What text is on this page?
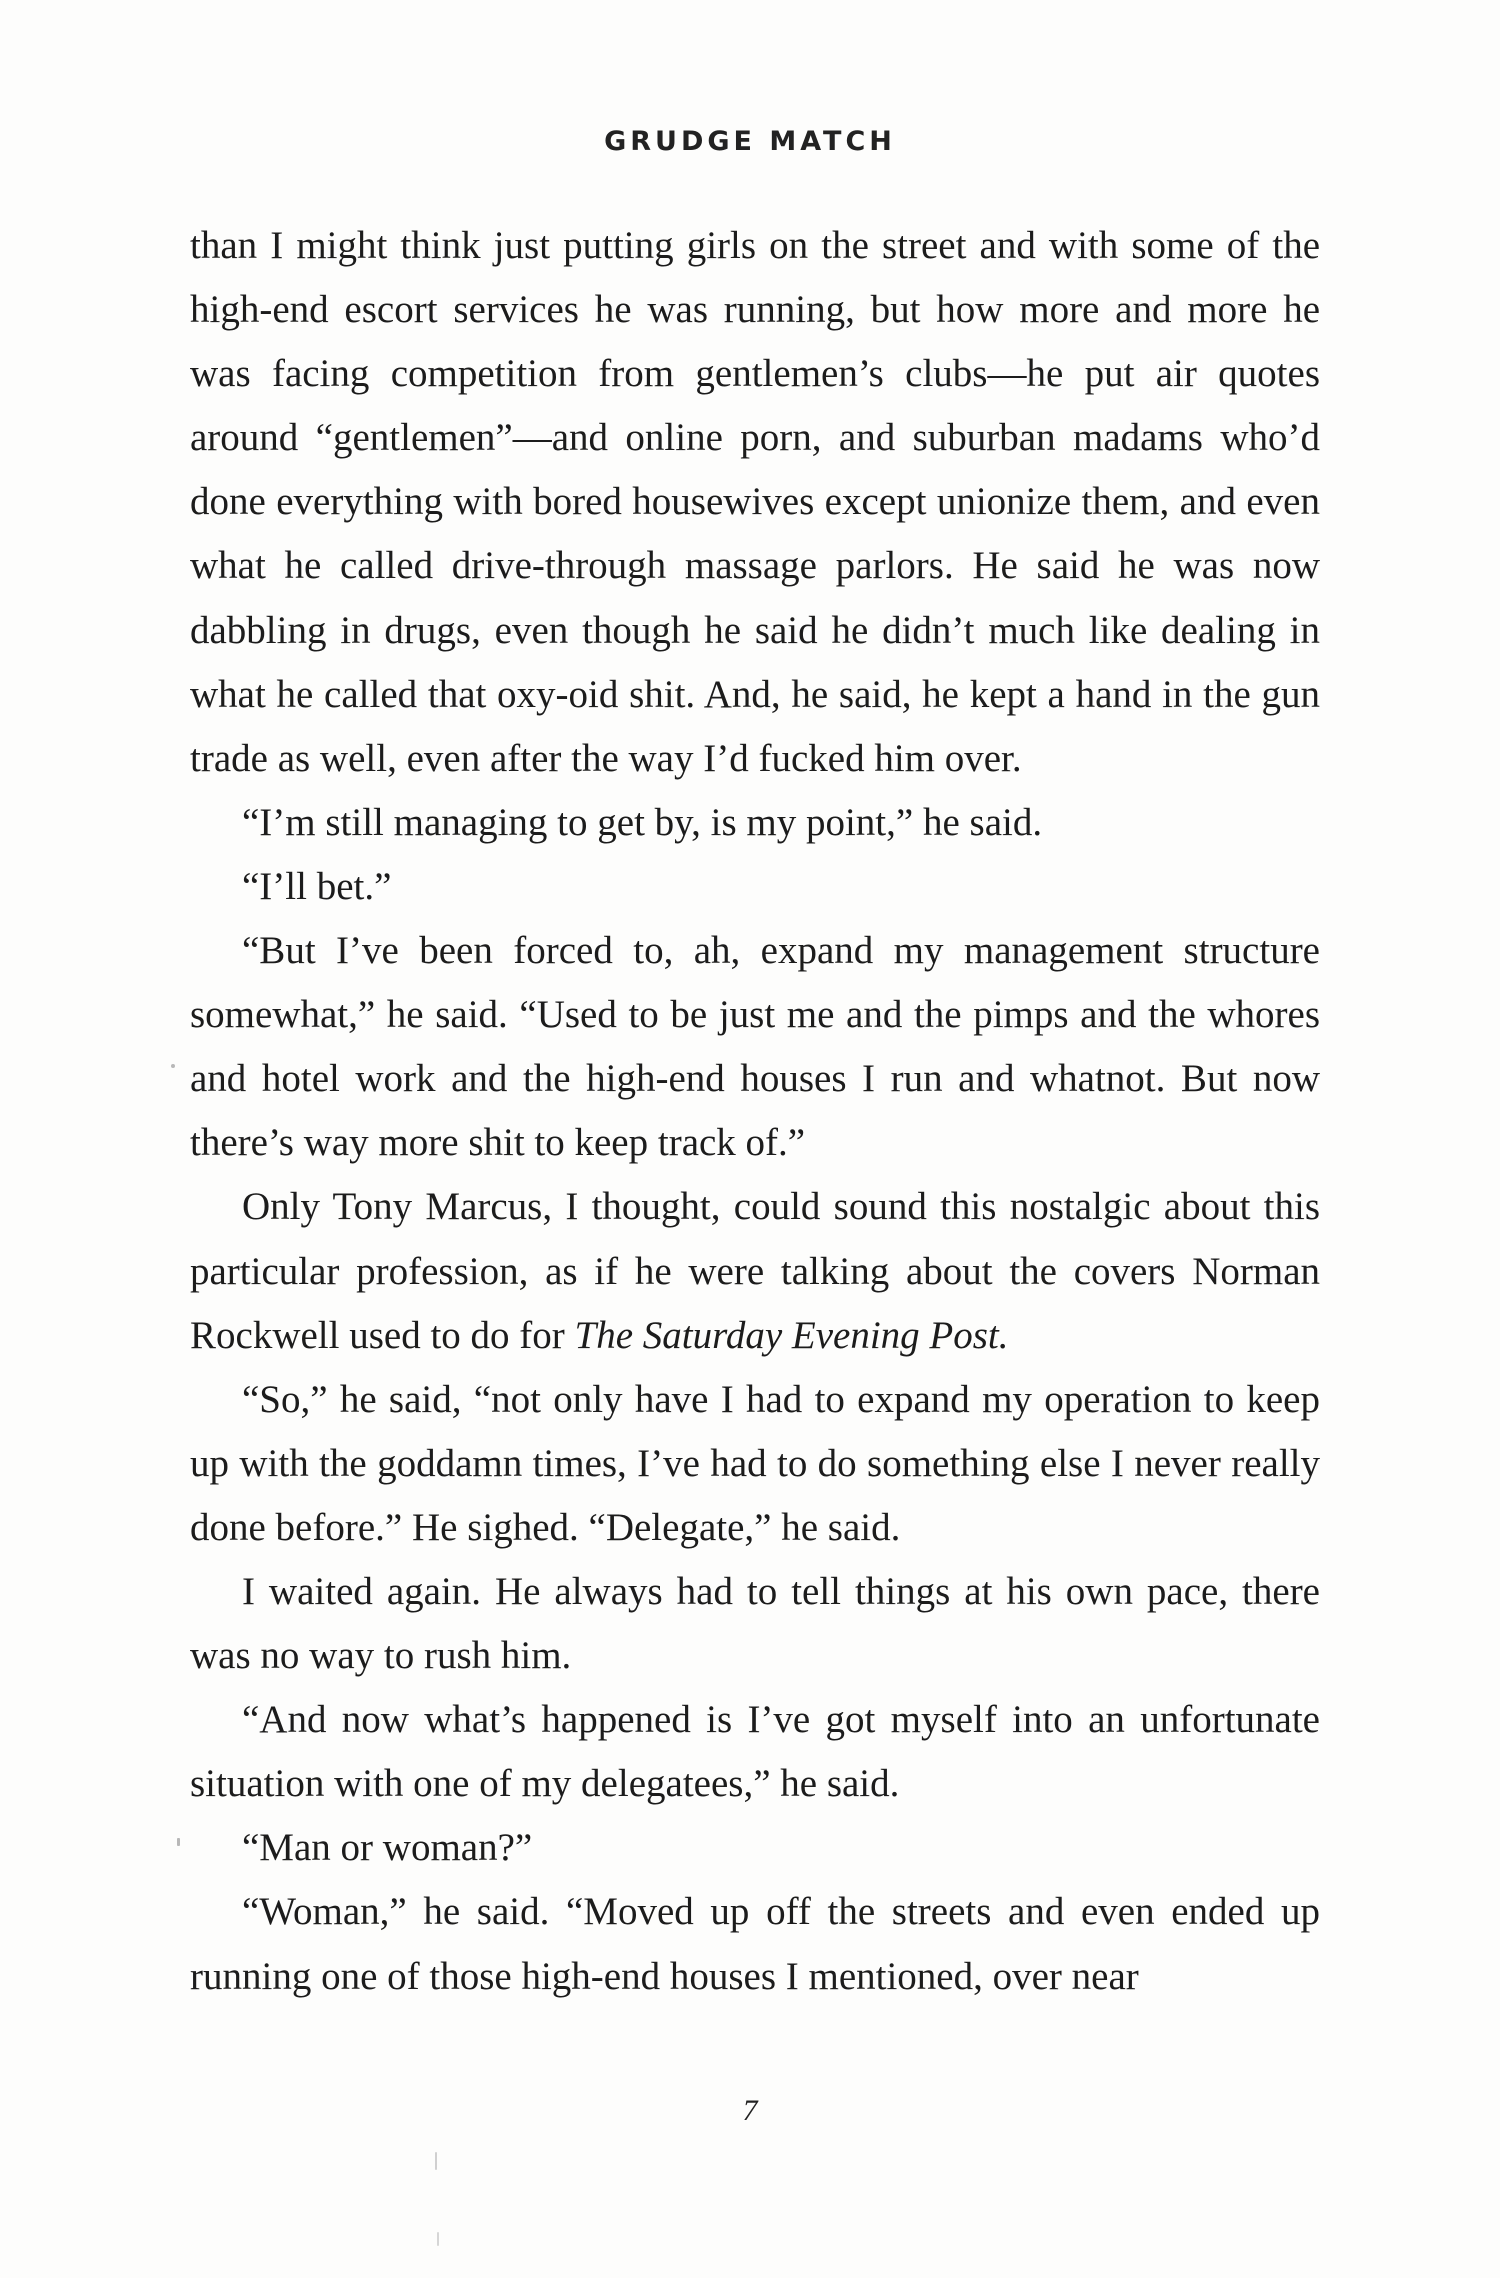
GRUDGE MATCH

than I might think just putting girls on the street and with some of the high-end escort services he was running, but how more and more he was facing competition from gentlemen’s clubs—he put air quotes around “gentlemen”—and online porn, and suburban madams who’d done everything with bored housewives except unionize them, and even what he called drive-through massage parlors. He said he was now dabbling in drugs, even though he said he didn’t much like dealing in what he called that oxy-oid shit. And, he said, he kept a hand in the gun trade as well, even after the way I’d fucked him over.

“I’m still managing to get by, is my point,” he said.

“I’ll bet.”

“But I’ve been forced to, ah, expand my management structure somewhat,” he said. “Used to be just me and the pimps and the whores and hotel work and the high-end houses I run and whatnot. But now there’s way more shit to keep track of.”

Only Tony Marcus, I thought, could sound this nostalgic about this particular profession, as if he were talking about the covers Norman Rockwell used to do for The Saturday Evening Post.

“So,” he said, “not only have I had to expand my operation to keep up with the goddamn times, I’ve had to do something else I never really done before.” He sighed. “Delegate,” he said.

I waited again. He always had to tell things at his own pace, there was no way to rush him.

“And now what’s happened is I’ve got myself into an unfortunate situation with one of my delegatees,” he said.

“Man or woman?”

“Woman,” he said. “Moved up off the streets and even ended up running one of those high-end houses I mentioned, over near

7
